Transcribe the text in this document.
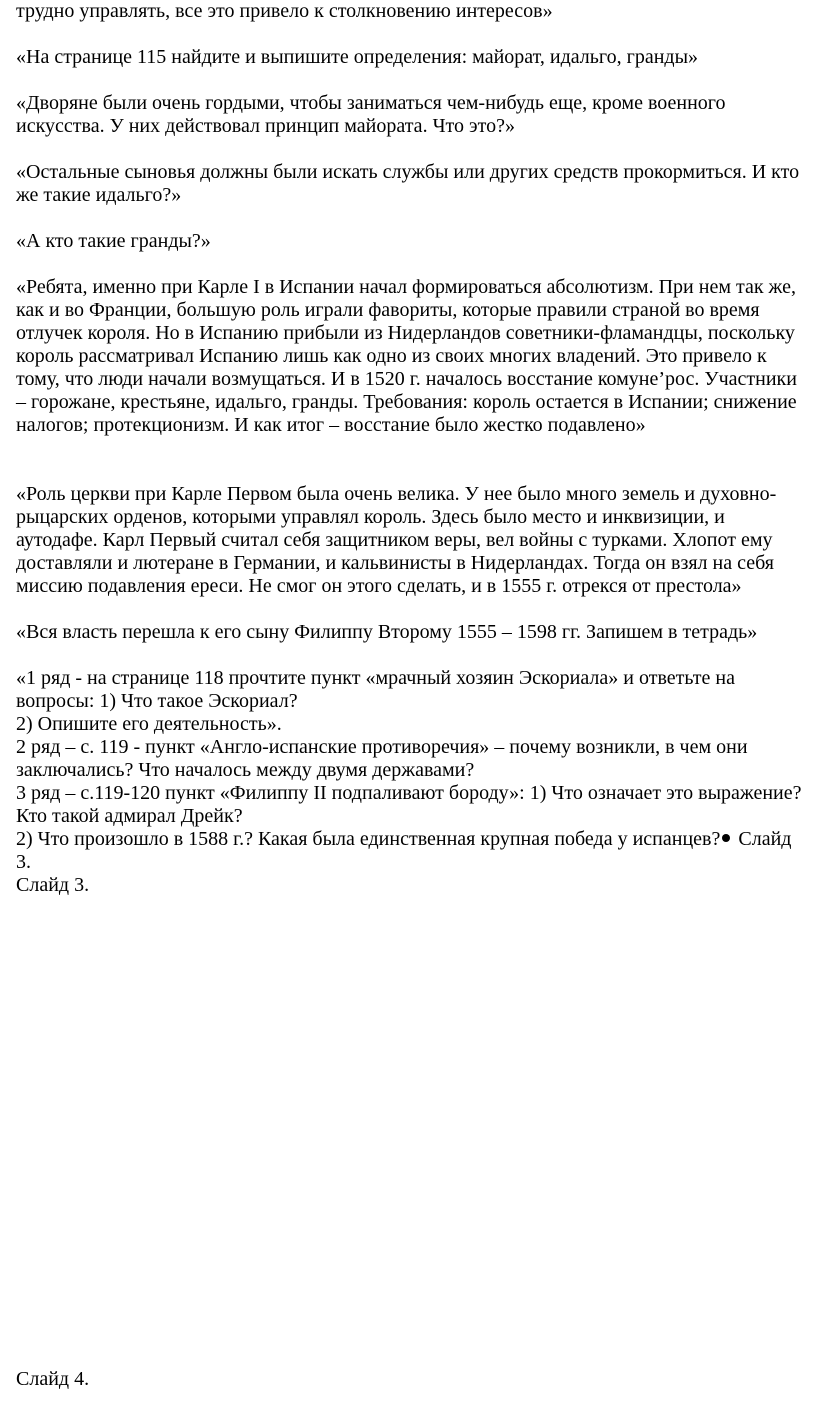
трудно управлять, все это привело к столкновению интересов»

«На странице 115 найдите и выпишите определения: майорат, идальго, гранды»

«Дворяне были очень гордыми, чтобы заниматься чем-нибудь еще, кроме военного искусства. У них действовал принцип майората. Что это?»

«Остальные сыновья должны были искать службы или других средств прокормиться. И кто же такие идальго?»

«А кто такие гранды?»

«Ребята, именно при Карле I в Испании начал формироваться абсолютизм. При нем так же, как и во Франции, большую роль играли фавориты, которые правили страной во время отлучек короля. Но в Испанию прибыли из Нидерландов советники-фламандцы, поскольку король рассматривал Испанию лишь как одно из своих многих владений. Это привело к тому, что люди начали возмущаться. И в 1520 г. началось восстание комуне’рос. Участники – горожане, крестьяне, идальго, гранды. Требования: король остается в Испании; снижение налогов; протекционизм. И как итог – восстание было жестко подавлено»

«Роль церкви при Карле Первом была очень велика. У нее было много земель и духовно-рыцарских орденов, которыми управлял король. Здесь было место и инквизиции, и аутодафе. Карл Первый считал себя защитником веры, вел войны с турками. Хлопот ему доставляли и лютеране в Германии, и кальвинисты в Нидерландах. Тогда он взял на себя миссию подавления ереси. Не смог он этого сделать, и в 1555 г. отрекся от престола»

«Вся власть перешла к его сыну Филиппу Второму 1555 – 1598 гг. Запишем в тетрадь»

«1 ряд - на странице 118 прочтите пункт «мрачный хозяин Эскориала» и ответьте на вопросы: 1) Что такое Эскориал?
2) Опишите его деятельность».
2 ряд – с. 119 - пункт «Англо-испанские противоречия» – почему возникли, в чем они заключались? Что началось между двумя державами?
3 ряд – с.119-120 пункт «Филиппу II подпаливают бороду»: 1) Что означает это выражение? Кто такой адмирал Дрейк?
2) Что произошло в 1588 г.? Какая была единственная крупная победа у испанцев? Слайд 3.
Слайд 3.

Слайд 4.
